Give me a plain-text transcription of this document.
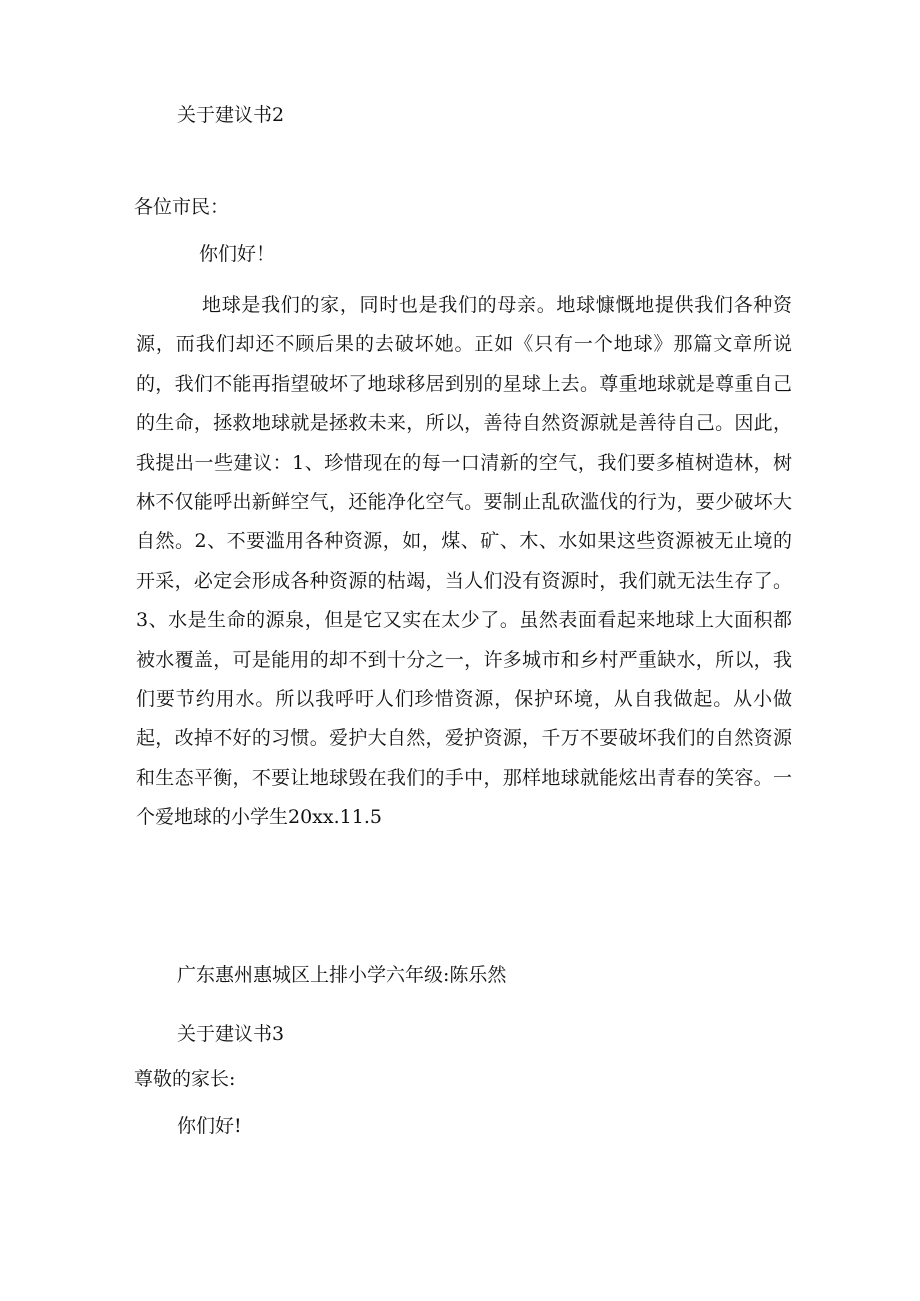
关于建议书2

各位市民：

你们好！

地球是我们的家，同时也是我们的母亲。地球慷慨地提供我们各种资源，而我们却还不顾后果的去破坏她。正如《只有一个地球》那篇文章所说的，我们不能再指望破坏了地球移居到别的星球上去。尊重地球就是尊重自己的生命，拯救地球就是拯救未来，所以，善待自然资源就是善待自己。因此，我提出一些建议：1、珍惜现在的每一口清新的空气，我们要多植树造林，树林不仅能呼出新鲜空气，还能净化空气。要制止乱砍滥伐的行为，要少破坏大自然。2、不要滥用各种资源，如，煤、矿、木、水如果这些资源被无止境的开采，必定会形成各种资源的枯竭，当人们没有资源时，我们就无法生存了。3、水是生命的源泉，但是它又实在太少了。虽然表面看起来地球上大面积都被水覆盖，可是能用的却不到十分之一，许多城市和乡村严重缺水，所以，我们要节约用水。所以我呼吁人们珍惜资源，保护环境，从自我做起。从小做起，改掉不好的习惯。爱护大自然，爱护资源，千万不要破坏我们的自然资源和生态平衡，不要让地球毁在我们的手中，那样地球就能炫出青春的笑容。一个爱地球的小学生20xx.11.5

广东惠州惠城区上排小学六年级:陈乐然

关于建议书3

尊敬的家长:

你们好!
